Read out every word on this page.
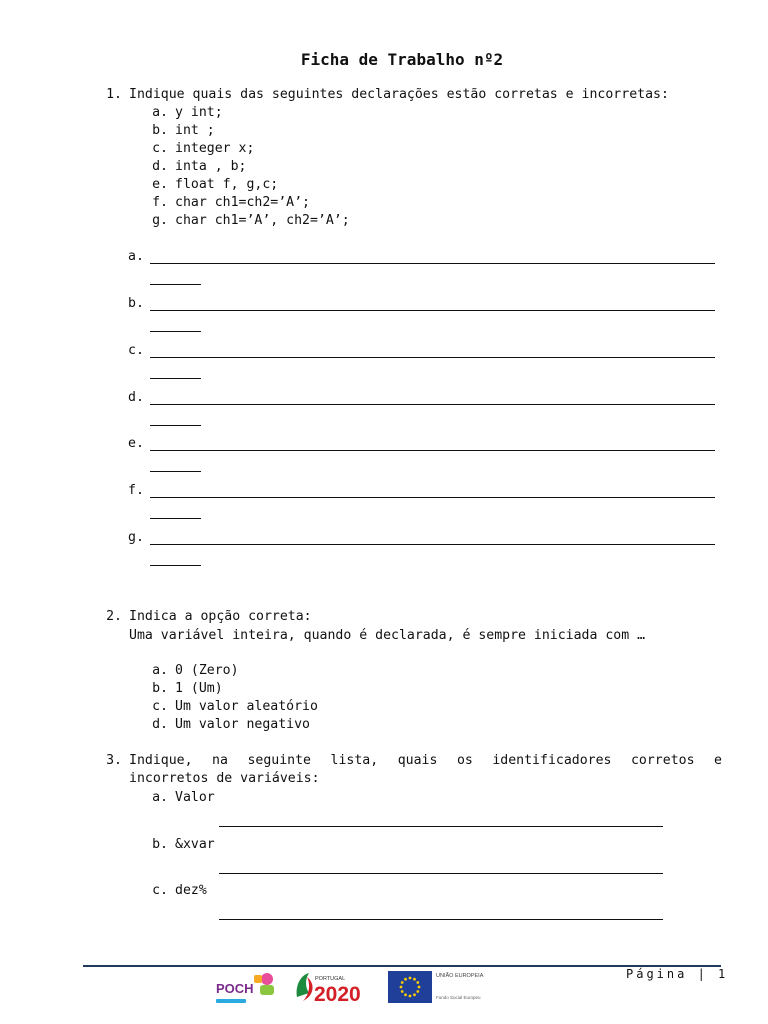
Ficha de Trabalho nº2
1. Indique quais das seguintes declarações estão corretas e incorretas:
a. y int;
b. int ;
c. integer x;
d. inta , b;
e. float f, g,c;
f. char ch1=ch2=’A’;
g. char ch1=’A’, ch2=’A’;
a.
b.
c.
d.
e.
f.
g.
2. Indica a opção correta:
Uma variável inteira, quando é declarada, é sempre iniciada com …
a. 0 (Zero)
b. 1 (Um)
c. Um valor aleatório
d. Um valor negativo
3. Indique, na seguinte lista, quais os identificadores corretos e
incorretos de variáveis:
a. Valor
b. &xvar
c. dez%
Página | 1
POCH
PORTUGAL
2020
UNIÃO EUROPEIA
Fundo Social Europeu
